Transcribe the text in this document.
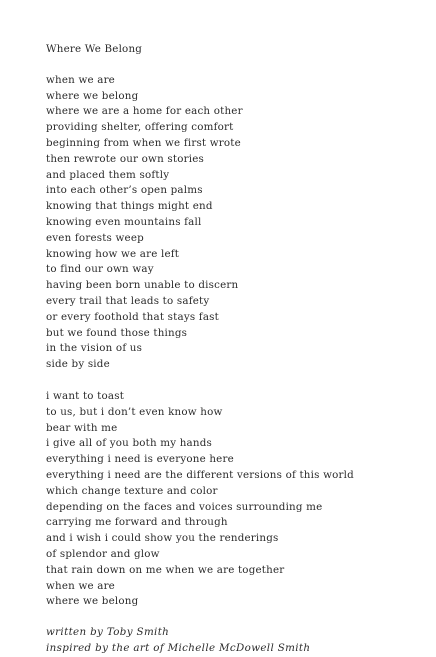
Where We Belong
when we are
where we belong
where we are a home for each other
providing shelter, offering comfort
beginning from when we first wrote
then rewrote our own stories
and placed them softly
into each other’s open palms
knowing that things might end
knowing even mountains fall
even forests weep
knowing how we are left
to find our own way
having been born unable to discern
every trail that leads to safety
or every foothold that stays fast
but we found those things
in the vision of us
side by side
i want to toast
to us, but i don’t even know how
bear with me
i give all of you both my hands
everything i need is everyone here
everything i need are the different versions of this world
which change texture and color
depending on the faces and voices surrounding me
carrying me forward and through
and i wish i could show you the renderings
of splendor and glow
that rain down on me when we are together
when we are
where we belong
written by Toby Smith
inspired by the art of Michelle McDowell Smith
